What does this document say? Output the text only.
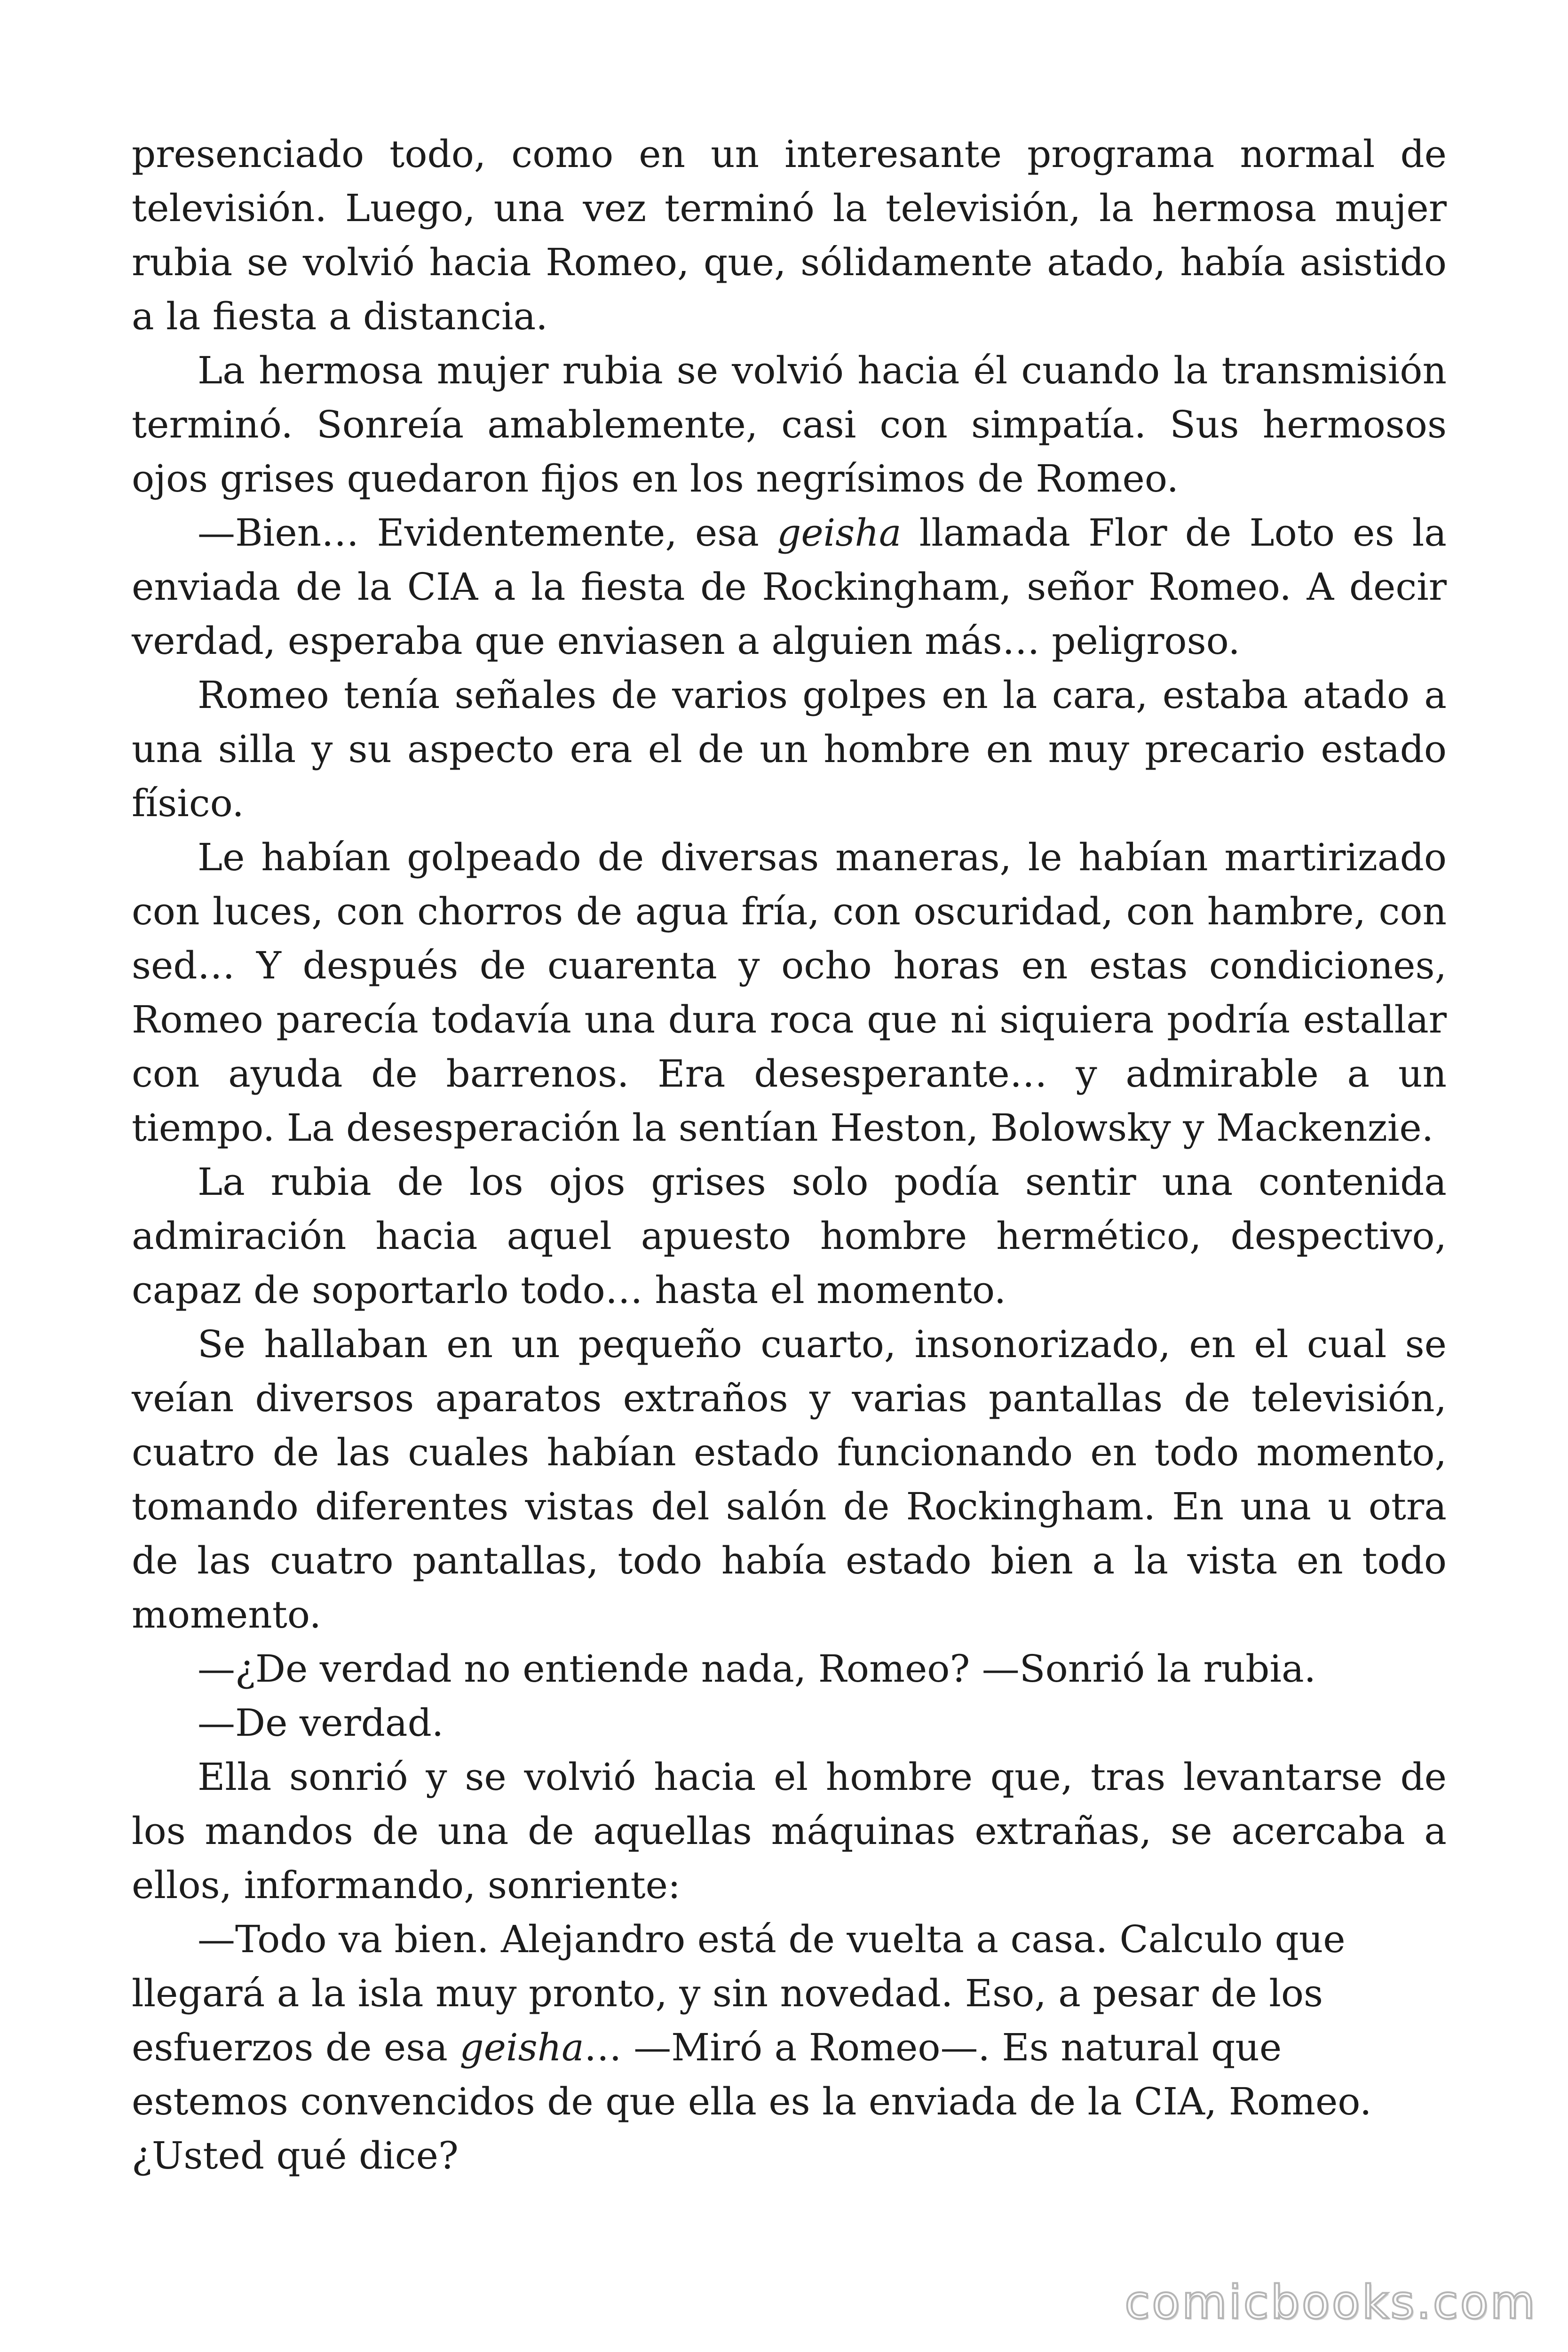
presenciado todo, como en un interesante programa normal de televisión. Luego, una vez terminó la televisión, la hermosa mujer rubia se volvió hacia Romeo, que, sólidamente atado, había asistido a la fiesta a distancia.

La hermosa mujer rubia se volvió hacia él cuando la transmisión terminó. Sonreía amablemente, casi con simpatía. Sus hermosos ojos grises quedaron fijos en los negrísimos de Romeo.

—Bien… Evidentemente, esa geisha llamada Flor de Loto es la enviada de la CIA a la fiesta de Rockingham, señor Romeo. A decir verdad, esperaba que enviasen a alguien más… peligroso.

Romeo tenía señales de varios golpes en la cara, estaba atado a una silla y su aspecto era el de un hombre en muy precario estado físico.

Le habían golpeado de diversas maneras, le habían martirizado con luces, con chorros de agua fría, con oscuridad, con hambre, con sed… Y después de cuarenta y ocho horas en estas condiciones, Romeo parecía todavía una dura roca que ni siquiera podría estallar con ayuda de barrenos. Era desesperante… y admirable a un tiempo. La desesperación la sentían Heston, Bolowsky y Mackenzie.

La rubia de los ojos grises solo podía sentir una contenida admiración hacia aquel apuesto hombre hermético, despectivo, capaz de soportarlo todo… hasta el momento.

Se hallaban en un pequeño cuarto, insonorizado, en el cual se veían diversos aparatos extraños y varias pantallas de televisión, cuatro de las cuales habían estado funcionando en todo momento, tomando diferentes vistas del salón de Rockingham. En una u otra de las cuatro pantallas, todo había estado bien a la vista en todo momento.

—¿De verdad no entiende nada, Romeo? —Sonrió la rubia.

—De verdad.

Ella sonrió y se volvió hacia el hombre que, tras levantarse de los mandos de una de aquellas máquinas extrañas, se acercaba a ellos, informando, sonriente:

—Todo va bien. Alejandro está de vuelta a casa. Calculo que llegará a la isla muy pronto, y sin novedad. Eso, a pesar de los esfuerzos de esa geisha… —Miró a Romeo—. Es natural que estemos convencidos de que ella es la enviada de la CIA, Romeo. ¿Usted qué dice?

comicbooks.com
